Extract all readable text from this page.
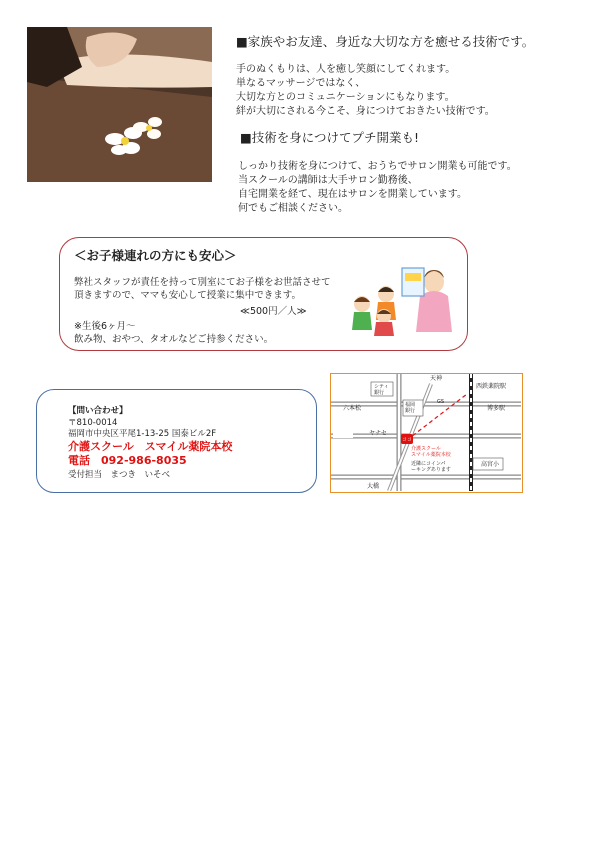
■家族やお友達、身近な大切な方を癒せる技術です。

手のぬくもりは、人を癒し笑顔にしてくれます。
単なるマッサージではなく、
大切な方とのコミュニケーションにもなります。
絆が大切にされる今こそ、身につけておきたい技術です。

■技術を身につけてプチ開業も!

しっかり技術を身につけて、おうちでサロン開業も可能です。
当スクールの講師は大手サロン勤務後、
自宅開業を経て、現在はサロンを開業しています。
何でもご相談ください。

＜お子様連れの方にも安心＞
弊社スタッフが責任を持って別室にてお子様をお世話させて
頂きますので、ママも安心して授業に集中できます。
≪500円／人≫
※生後6ヶ月～
飲み物、おやつ、タオルなどご持参ください。
【問い合わせ】
〒810-0014
福岡市中央区平尾1-13-25 国泰ビル2F
介護スクール　スマイル薬院本校
電話　092-986-8035
受付担当　まつき　いそべ
天神
西鉄薬院駅
シティ
銀行
GS
博多駅
六本松	福岡
銀行
ヤナセ
ココ
介護スクール
スマイル薬院本校
近隣にコインパ
ーキングあります
高宮小
大橋
